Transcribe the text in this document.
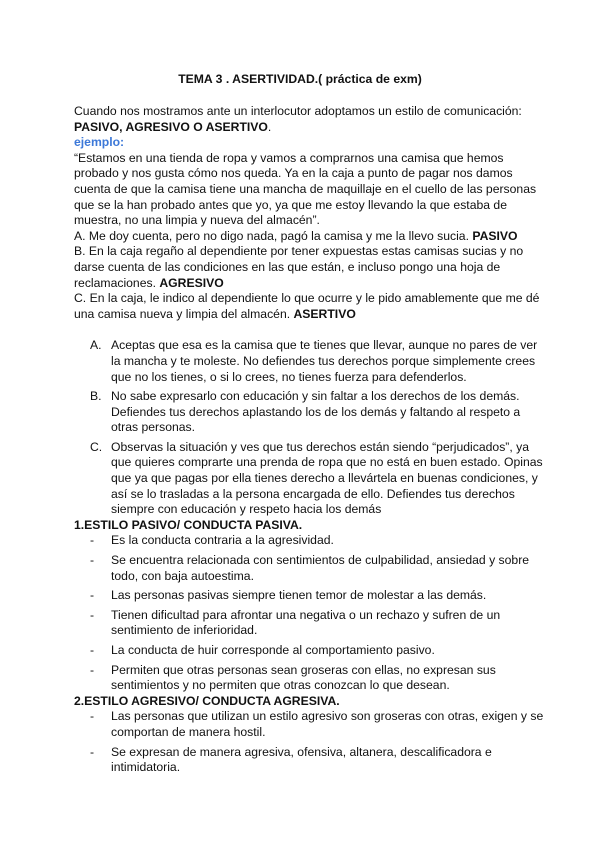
TEMA 3 . ASERTIVIDAD.( práctica de exm)

Cuando nos mostramos ante un interlocutor adoptamos un estilo de comunicación:
PASIVO, AGRESIVO O ASERTIVO.

ejemplo:

“Estamos en una tienda de ropa y vamos a comprarnos una camisa que hemos probado y nos gusta cómo nos queda. Ya en la caja a punto de pagar nos damos cuenta de que la camisa tiene una mancha de maquillaje en el cuello de las personas que se la han probado antes que yo, ya que me estoy llevando la que estaba de muestra, no una limpia y nueva del almacén”.

A. Me doy cuenta, pero no digo nada, pagó la camisa y me la llevo sucia. PASIVO

B. En la caja regaño al dependiente por tener expuestas estas camisas sucias y no darse cuenta de las condiciones en las que están, e incluso pongo una hoja de reclamaciones. AGRESIVO

C. En la caja, le indico al dependiente lo que ocurre y le pido amablemente que me dé una camisa nueva y limpia del almacén. ASERTIVO

A. Aceptas que esa es la camisa que te tienes que llevar, aunque no pares de ver la mancha y te moleste. No defiendes tus derechos porque simplemente crees que no los tienes, o si lo crees, no tienes fuerza para defenderlos.
B. No sabe expresarlo con educación y sin faltar a los derechos de los demás. Defiendes tus derechos aplastando los de los demás y faltando al respeto a otras personas.
C. Observas la situación y ves que tus derechos están siendo “perjudicados”, ya que quieres comprarte una prenda de ropa que no está en buen estado. Opinas que ya que pagas por ella tienes derecho a llevártela en buenas condiciones, y así se lo trasladas a la persona encargada de ello. Defiendes tus derechos siempre con educación y respeto hacia los demás

1.ESTILO PASIVO/ CONDUCTA PASIVA.

- Es la conducta contraria a la agresividad.
- Se encuentra relacionada con sentimientos de culpabilidad, ansiedad y sobre todo, con baja autoestima.
- Las personas pasivas siempre tienen temor de molestar a las demás.
- Tienen dificultad para afrontar una negativa o un rechazo y sufren de un sentimiento de inferioridad.
- La conducta de huir corresponde al comportamiento pasivo.
- Permiten que otras personas sean groseras con ellas, no expresan sus sentimientos y no permiten que otras conozcan lo que desean.

2.ESTILO AGRESIVO/ CONDUCTA AGRESIVA.

- Las personas que utilizan un estilo agresivo son groseras con otras, exigen y se comportan de manera hostil.
- Se expresan de manera agresiva, ofensiva, altanera, descalificadora e intimidatoria.
